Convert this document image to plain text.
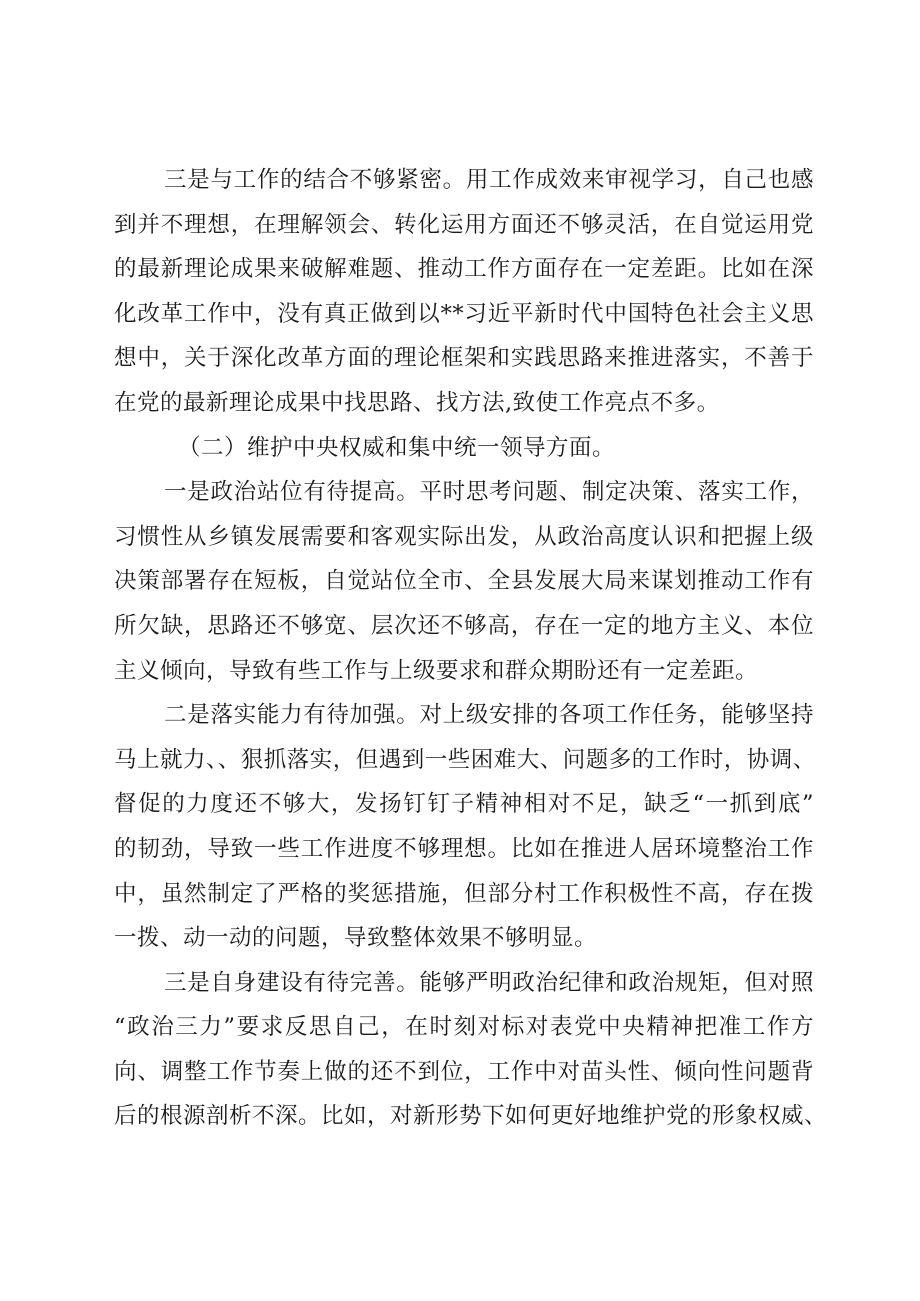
三是与工作的结合不够紧密。用工作成效来审视学习，自己也感
到并不理想，在理解领会、转化运用方面还不够灵活，在自觉运用党
的最新理论成果来破解难题、推动工作方面存在一定差距。比如在深
化改革工作中，没有真正做到以**习近平新时代中国特色社会主义思
想中，关于深化改革方面的理论框架和实践思路来推进落实，不善于
在党的最新理论成果中找思路、找方法,致使工作亮点不多。
（二）维护中央权威和集中统一领导方面。
一是政治站位有待提高。平时思考问题、制定决策、落实工作，
习惯性从乡镇发展需要和客观实际出发，从政治高度认识和把握上级
决策部署存在短板，自觉站位全市、全县发展大局来谋划推动工作有
所欠缺，思路还不够宽、层次还不够高，存在一定的地方主义、本位
主义倾向，导致有些工作与上级要求和群众期盼还有一定差距。
二是落实能力有待加强。对上级安排的各项工作任务，能够坚持
马上就力、、狠抓落实，但遇到一些困难大、问题多的工作时，协调、
督促的力度还不够大，发扬钉钉子精神相对不足，缺乏“一抓到底”
的韧劲，导致一些工作进度不够理想。比如在推进人居环境整治工作
中，虽然制定了严格的奖惩措施，但部分村工作积极性不高，存在拨
一拨、动一动的问题，导致整体效果不够明显。
三是自身建设有待完善。能够严明政治纪律和政治规矩，但对照
“政治三力”要求反思自己，在时刻对标对表党中央精神把准工作方
向、调整工作节奏上做的还不到位，工作中对苗头性、倾向性问题背
后的根源剖析不深。比如，对新形势下如何更好地维护党的形象权威、
